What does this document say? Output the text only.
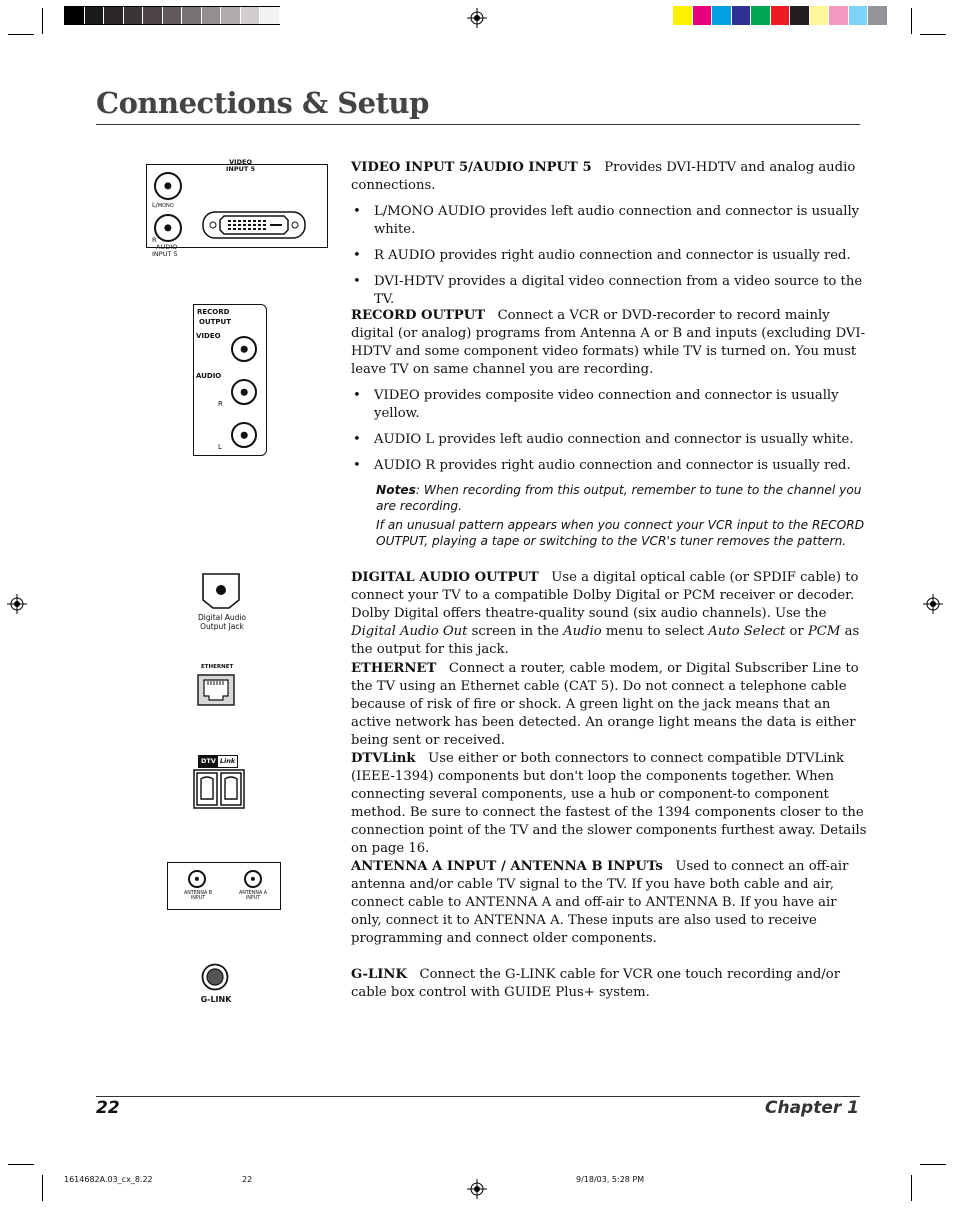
Connections & Setup
VIDEO
INPUT 5
L/MONO
R
AUDIO
INPUT 5
RECORD
OUTPUT
VIDEO
AUDIO
R
L
Digital Audio
Output Jack
ETHERNET
DTV Link
ANTENNA B
INPUT
ANTENNA A
INPUT
G-LINK

VIDEO INPUT 5/AUDIO INPUT 5 Provides DVI-HDTV and analog audio connections.

• L/MONO AUDIO provides left audio connection and connector is usually white.
• R AUDIO provides right audio connection and connector is usually red.
• DVI-HDTV provides a digital video connection from a video source to the TV.

RECORD OUTPUT Connect a VCR or DVD-recorder to record mainly digital (or analog) programs from Antenna A or B and inputs (excluding DVI-HDTV and some component video formats) while TV is turned on. You must leave TV on same channel you are recording.

• VIDEO provides composite video connection and connector is usually yellow.
• AUDIO L provides left audio connection and connector is usually white.
• AUDIO R provides right audio connection and connector is usually red.
Notes: When recording from this output, remember to tune to the channel you are recording.
If an unusual pattern appears when you connect your VCR input to the RECORD OUTPUT, playing a tape or switching to the VCR's tuner removes the pattern.

DIGITAL AUDIO OUTPUT Use a digital optical cable (or SPDIF cable) to connect your TV to a compatible Dolby Digital or PCM receiver or decoder. Dolby Digital offers theatre-quality sound (six audio channels). Use the Digital Audio Out screen in the Audio menu to select Auto Select or PCM as the output for this jack.

ETHERNET Connect a router, cable modem, or Digital Subscriber Line to the TV using an Ethernet cable (CAT 5). Do not connect a telephone cable because of risk of fire or shock. A green light on the jack means that an active network has been detected. An orange light means the data is either being sent or received.

DTVLink Use either or both connectors to connect compatible DTVLink (IEEE-1394) components but don't loop the components together. When connecting several components, use a hub or component-to component method. Be sure to connect the fastest of the 1394 components closer to the connection point of the TV and the slower components furthest away. Details on page 16.

ANTENNA A INPUT / ANTENNA B INPUTs Used to connect an off-air antenna and/or cable TV signal to the TV. If you have both cable and air, connect cable to ANTENNA A and off-air to ANTENNA B. If you have air only, connect it to ANTENNA A. These inputs are also used to receive programming and connect older components.

G-LINK Connect the G-LINK cable for VCR one touch recording and/or cable box control with GUIDE Plus+ system.

22	Chapter 1
1614682A.03_cx_8.22	22	9/18/03, 5:28 PM
